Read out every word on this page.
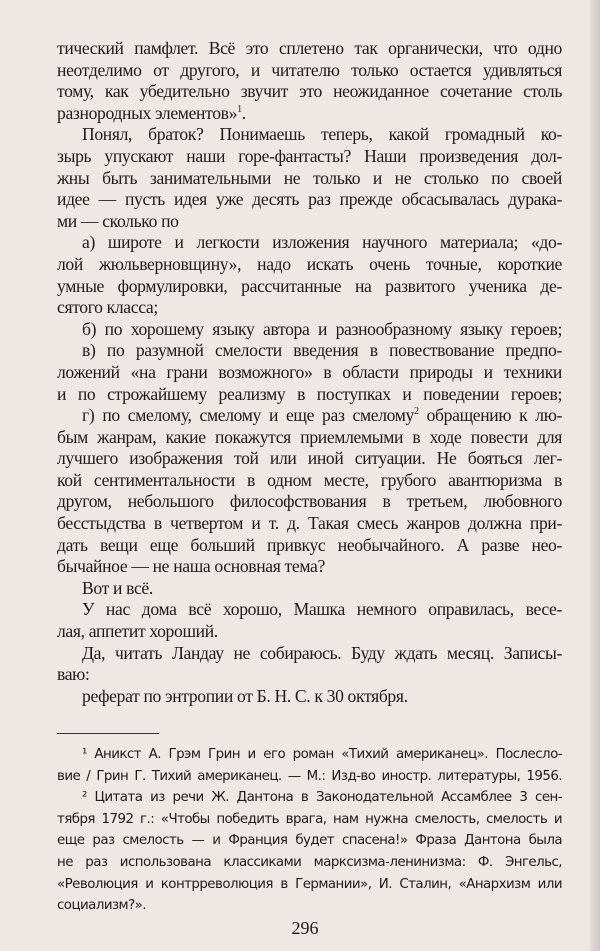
тический памфлет. Всё это сплетено так органически, что одно
неотделимо от другого, и читателю только остается удивляться
тому, как убедительно звучит это неожиданное сочетание столь
разнородных элементов»$^1$.
Понял, браток? Понимаешь теперь, какой громадный ко-
зырь упускают наши горе-фантасты? Наши произведения дол-
жны быть занимательными не только и не столько по своей
идее — пусть идея уже десять раз прежде обсасывалась дурака-
ми — сколько по
а) широте и легкости изложения научного материала; «до-
лой жюльверновщину», надо искать очень точные, короткие
умные формулировки, рассчитанные на развитого ученика де-
сятого класса;
б) по хорошему языку автора и разнообразному языку героев;
в) по разумной смелости введения в повествование предпо-
ложений «на грани возможного» в области природы и техники
и по строжайшему реализму в поступках и поведении героев;
г) по смелому, смелому и еще раз смелому$^2$ обращению к лю-
бым жанрам, какие покажутся приемлемыми в ходе повести для
лучшего изображения той или иной ситуации. Не бояться лег-
кой сентиментальности в одном месте, грубого авантюризма в
другом, небольшого философствования в третьем, любовного
бесстыдства в четвертом и т. д. Такая смесь жанров должна при-
дать вещи еще больший привкус необычайного. А разве нео-
бычайное — не наша основная тема?
Вот и всё.
У нас дома всё хорошо, Машка немного оправилась, весе-
лая, аппетит хороший.
Да, читать Ландау не собираюсь. Буду ждать месяц. Записы-
ваю:
реферат по энтропии от Б. Н. С. к 30 октября.
¹ Аникст А. Грэм Грин и его роман «Тихий американец». Послесло-
вие / Грин Г. Тихий американец. — М.: Изд-во иностр. литературы, 1956.
² Цитата из речи Ж. Дантона в Законодательной Ассамблее 3 сен-
тября 1792 г.: «Чтобы победить врага, нам нужна смелость, смелость и
еще раз смелость — и Франция будет спасена!» Фраза Дантона была
не раз использована классиками марксизма-ленинизма: Ф. Энгельс,
«Революция и контрреволюция в Германии», И. Сталин, «Анархизм или
социализм?».
296
